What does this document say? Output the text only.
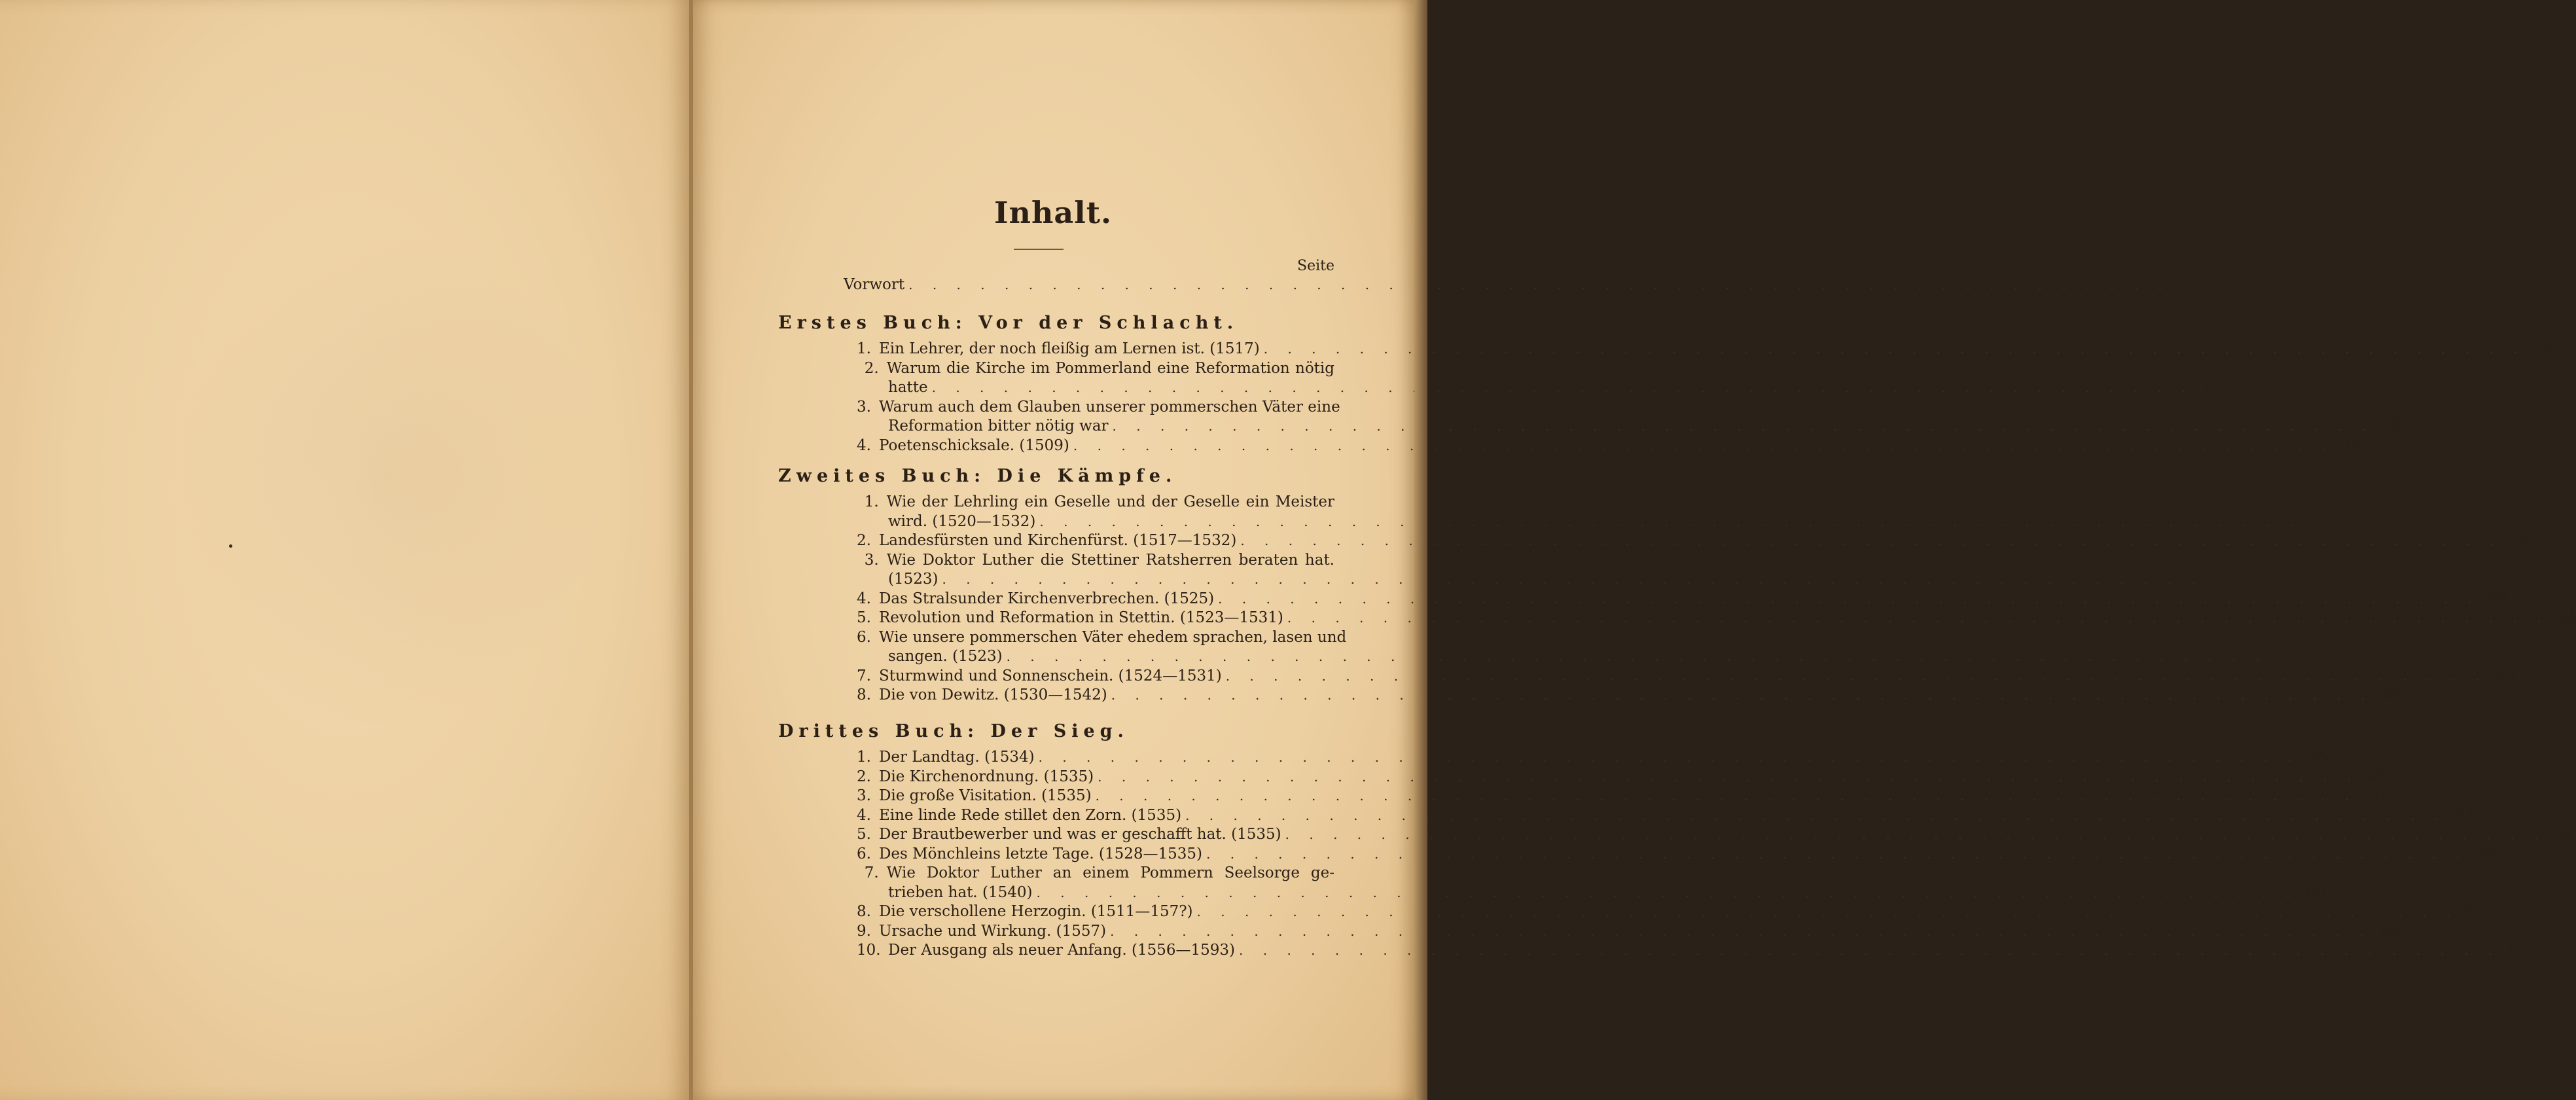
Inhalt.
Seite
Vorwort . . .	5
Erstes Buch: Vor der Schlacht.
1. Ein Lehrer, der noch fleißig am Lernen ist. (1517) . . .	9
2. Warum die Kirche im Pommerland eine Reformation nötig
hatte . . .	11
3. Warum auch dem Glauben unserer pommerschen Väter eine
Reformation bitter nötig war . . .	15
4. Poetenschicksale. (1509) . . .	18
Zweites Buch: Die Kämpfe.
1. Wie der Lehrling ein Geselle und der Geselle ein Meister
wird. (1520—1532) . . .	22
2. Landesfürsten und Kirchenfürst. (1517—1532) . . .	24
3. Wie Doktor Luther die Stettiner Ratsherren beraten hat.
(1523) . . .	27
4. Das Stralsunder Kirchenverbrechen. (1525) . . .	29
5. Revolution und Reformation in Stettin. (1523—1531) . . .	34
6. Wie unsere pommerschen Väter ehedem sprachen, lasen und
sangen. (1523) . . .	37
7. Sturmwind und Sonnenschein. (1524—1531) . . .	40
8. Die von Dewitz. (1530—1542) . . .	42
Drittes Buch: Der Sieg.
1. Der Landtag. (1534) . . .	45
2. Die Kirchenordnung. (1535) . . .	48
3. Die große Visitation. (1535) . . .	50
4. Eine linde Rede stillet den Zorn. (1535) . . .	53
5. Der Brautbewerber und was er geschafft hat. (1535) . . .	54
6. Des Mönchleins letzte Tage. (1528—1535) . . .	56
7. Wie Doktor Luther an einem Pommern Seelsorge ge-
trieben hat. (1540) . . .	60
8. Die verschollene Herzogin. (1511—157?) . . .	62
9. Ursache und Wirkung. (1557) . . .	65
10. Der Ausgang als neuer Anfang. (1556—1593) . . .	67
